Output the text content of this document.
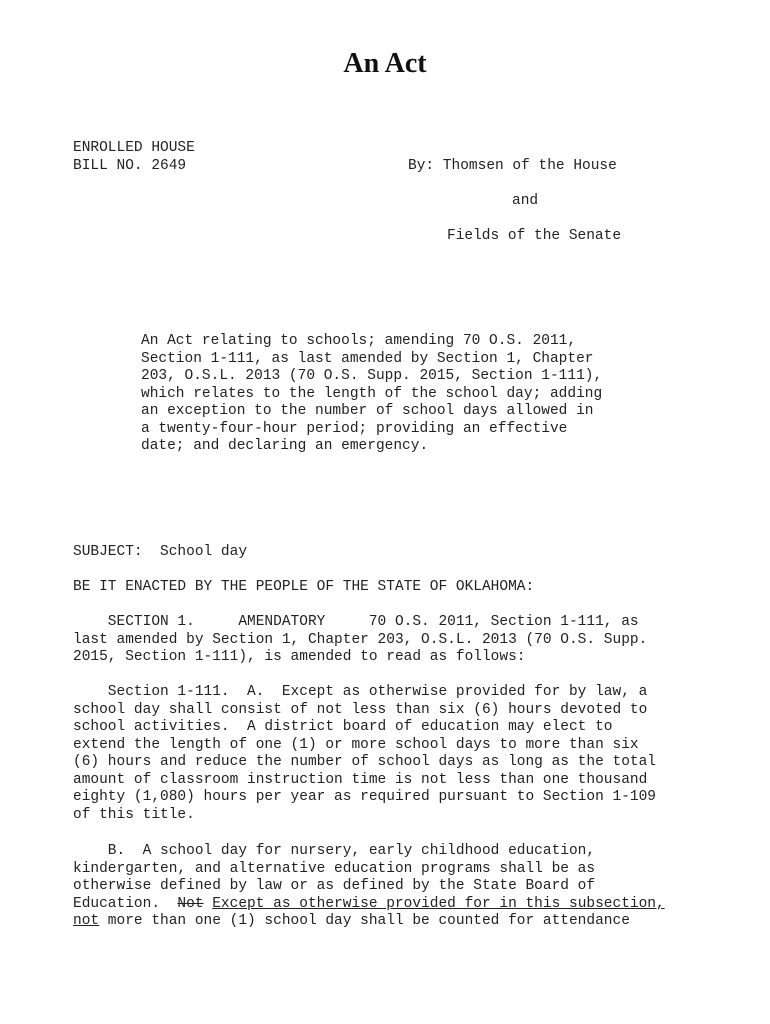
An Act
ENROLLED HOUSE
BILL NO. 2649	By: Thomsen of the House
and
Fields of the Senate
An Act relating to schools; amending 70 O.S. 2011,
Section 1-111, as last amended by Section 1, Chapter
203, O.S.L. 2013 (70 O.S. Supp. 2015, Section 1-111),
which relates to the length of the school day; adding
an exception to the number of school days allowed in
a twenty-four-hour period; providing an effective
date; and declaring an emergency.
SUBJECT:  School day
BE IT ENACTED BY THE PEOPLE OF THE STATE OF OKLAHOMA:
SECTION 1.     AMENDATORY     70 O.S. 2011, Section 1-111, as
last amended by Section 1, Chapter 203, O.S.L. 2013 (70 O.S. Supp.
2015, Section 1-111), is amended to read as follows:
Section 1-111.  A.  Except as otherwise provided for by law, a
school day shall consist of not less than six (6) hours devoted to
school activities.  A district board of education may elect to
extend the length of one (1) or more school days to more than six
(6) hours and reduce the number of school days as long as the total
amount of classroom instruction time is not less than one thousand
eighty (1,080) hours per year as required pursuant to Section 1-109
of this title.
B.  A school day for nursery, early childhood education,
kindergarten, and alternative education programs shall be as
otherwise defined by law or as defined by the State Board of
Education.  Not Except as otherwise provided for in this subsection,
not more than one (1) school day shall be counted for attendance
